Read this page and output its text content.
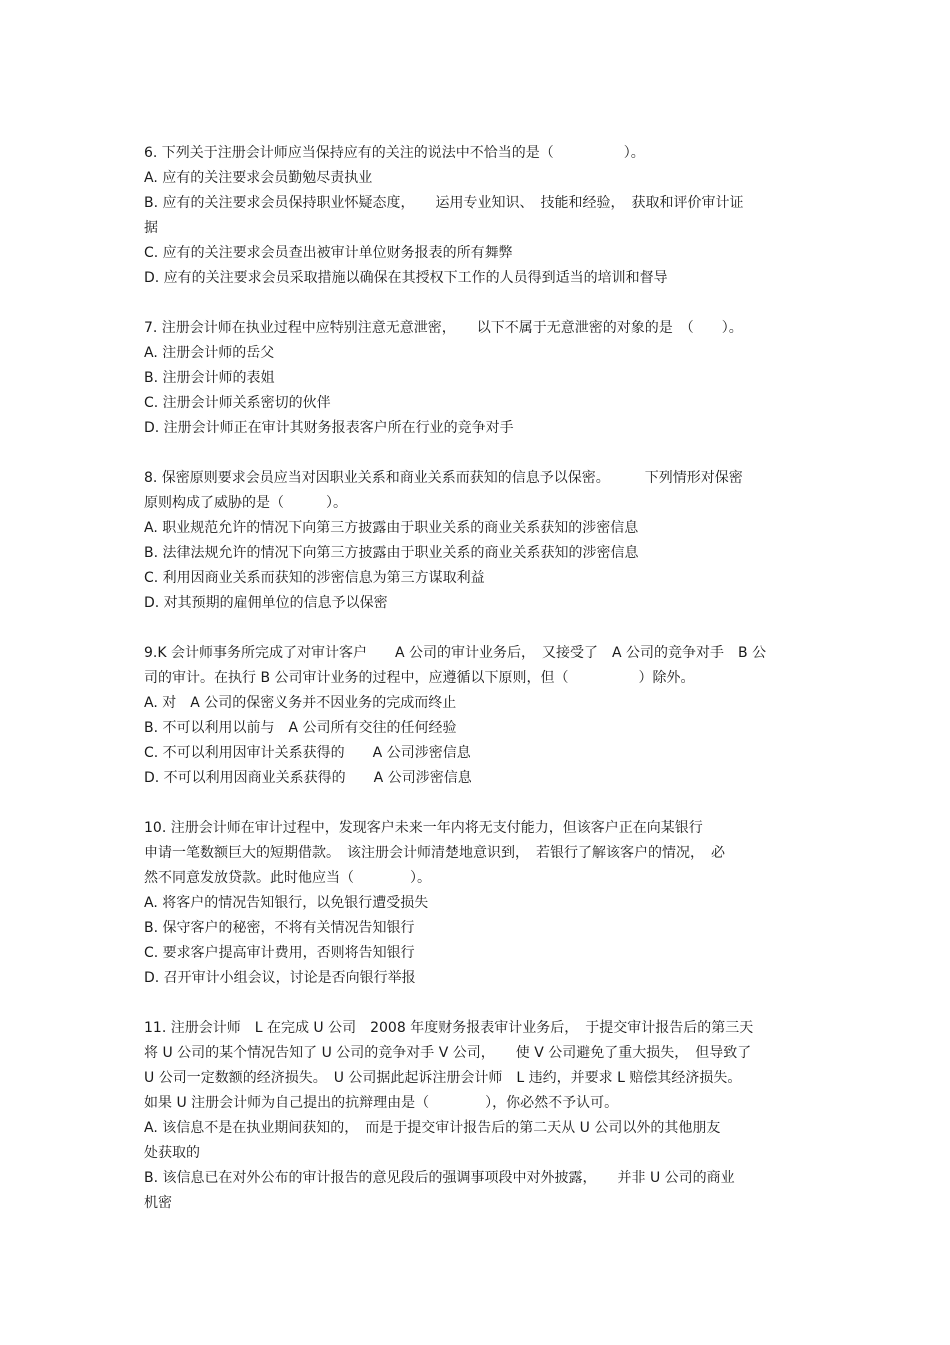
6. 下列关于注册会计师应当保持应有的关注的说法中不恰当的是（　　　　　）。
A. 应有的关注要求会员勤勉尽责执业
B. 应有的关注要求会员保持职业怀疑态度，　　运用专业知识、　技能和经验，　获取和评价审计证
据
C. 应有的关注要求会员查出被审计单位财务报表的所有舞弊
D. 应有的关注要求会员采取措施以确保在其授权下工作的人员得到适当的培训和督导
7. 注册会计师在执业过程中应特别注意无意泄密，　　以下不属于无意泄密的对象的是　（　　）。
A. 注册会计师的岳父
B. 注册会计师的表姐
C. 注册会计师关系密切的伙伴
D. 注册会计师正在审计其财务报表客户所在行业的竞争对手
8. 保密原则要求会员应当对因职业关系和商业关系而获知的信息予以保密。　　　下列情形对保密
原则构成了威胁的是（　　　）。
A. 职业规范允许的情况下向第三方披露由于职业关系的商业关系获知的涉密信息
B. 法律法规允许的情况下向第三方披露由于职业关系的商业关系获知的涉密信息
C. 利用因商业关系而获知的涉密信息为第三方谋取利益
D. 对其预期的雇佣单位的信息予以保密
9.K 会计师事务所完成了对审计客户　　A 公司的审计业务后，　又接受了　A 公司的竞争对手　B 公
司的审计。在执行 B 公司审计业务的过程中，应遵循以下原则，但（　　　　　）除外。
A. 对　A 公司的保密义务并不因业务的完成而终止
B. 不可以利用以前与　A 公司所有交往的任何经验
C. 不可以利用因审计关系获得的　　A 公司涉密信息
D. 不可以利用因商业关系获得的　　A 公司涉密信息
10. 注册会计师在审计过程中，发现客户未来一年内将无支付能力，但该客户正在向某银行
申请一笔数额巨大的短期借款。　该注册会计师清楚地意识到，　若银行了解该客户的情况，　必
然不同意发放贷款。此时他应当（　　　　）。
A. 将客户的情况告知银行，以免银行遭受损失
B. 保守客户的秘密，不将有关情况告知银行
C. 要求客户提高审计费用，否则将告知银行
D. 召开审计小组会议，讨论是否向银行举报
11. 注册会计师　L 在完成 U 公司　2008 年度财务报表审计业务后，　于提交审计报告后的第三天
将 U 公司的某个情况告知了 U 公司的竞争对手 V 公司，　　使 V 公司避免了重大损失，　但导致了
U 公司一定数额的经济损失。　U 公司据此起诉注册会计师　L 违约，并要求 L 赔偿其经济损失。
如果 U 注册会计师为自己提出的抗辩理由是（　　　　），你必然不予认可。
A. 该信息不是在执业期间获知的，　而是于提交审计报告后的第二天从 U 公司以外的其他朋友
处获取的
B. 该信息已在对外公布的审计报告的意见段后的强调事项段中对外披露，　　并非 U 公司的商业
机密
